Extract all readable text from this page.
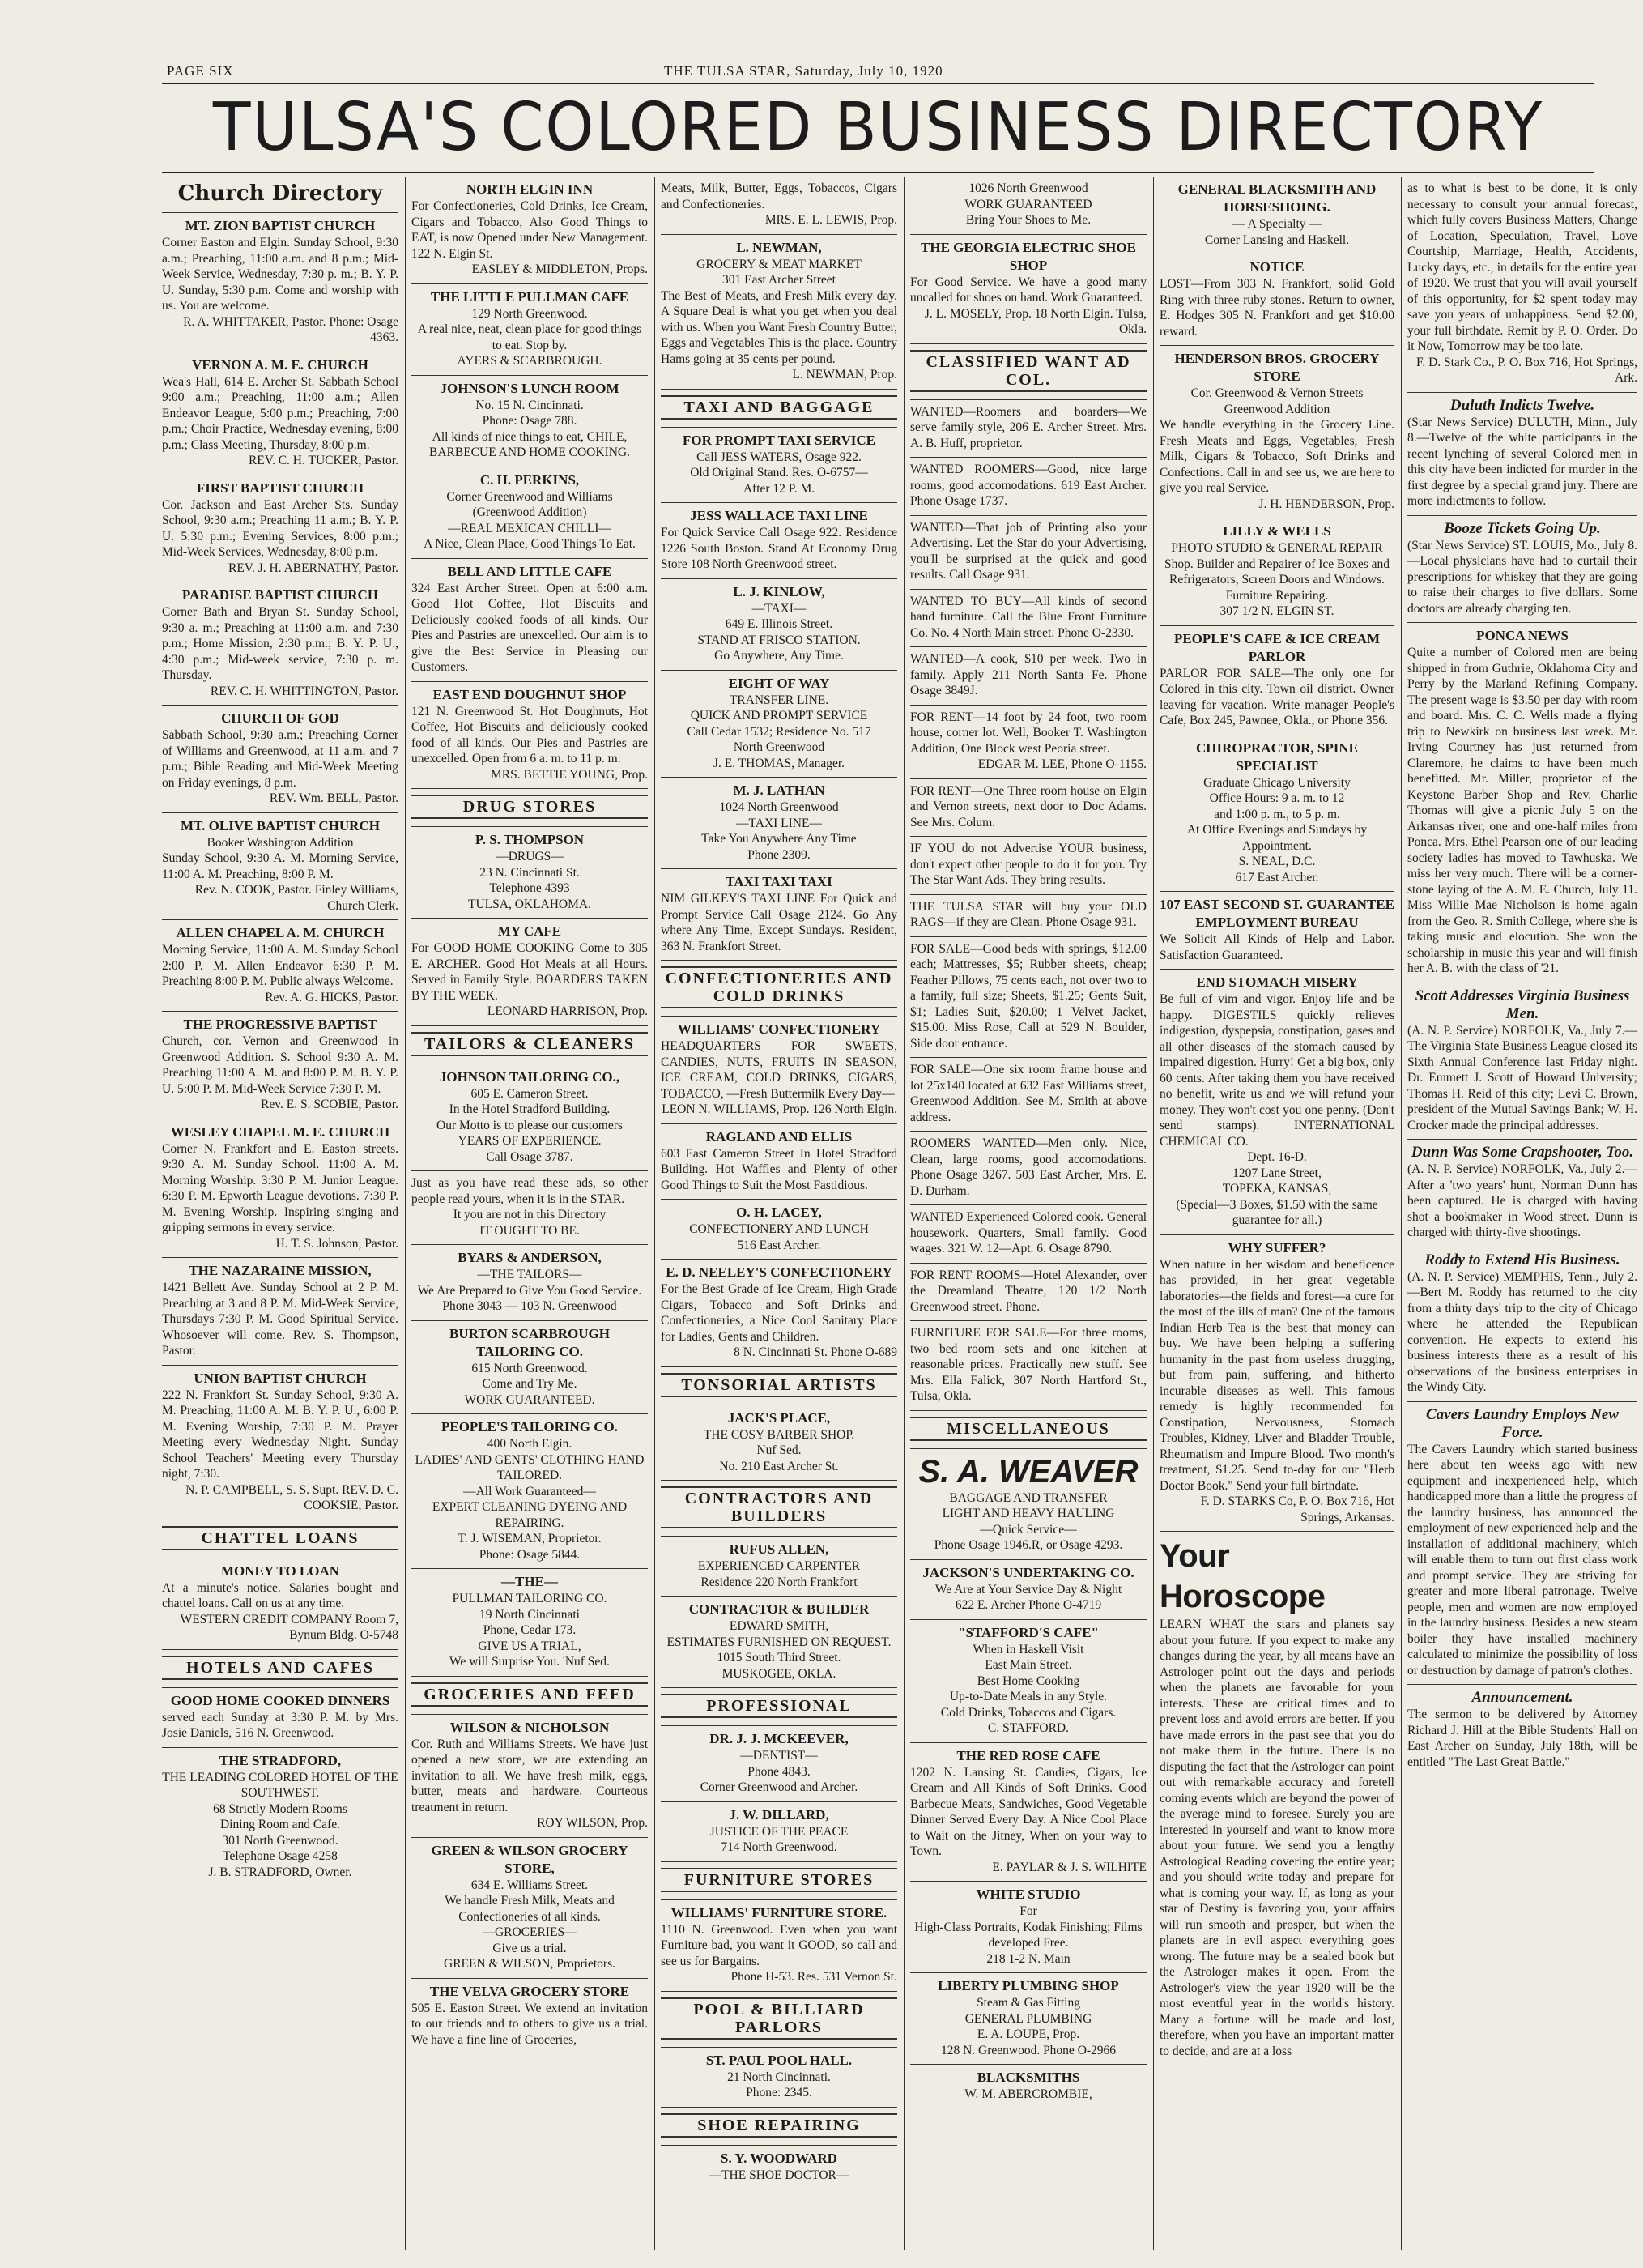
PAGE SIX	THE TULSA STAR, Saturday, July 10, 1920
TULSA'S COLORED BUSINESS DIRECTORY
Church Directory
MT. ZION BAPTIST CHURCH
Corner Easton and Elgin. Sunday School, 9:30 a.m.; Preaching, 11:00 a.m. and 8 p.m.; Mid-Week Service, Wednesday, 7:30 p. m.; B. Y. P. U. Sunday, 5:30 p.m. Come and worship with us. You are welcome.
R. A. WHITTAKER, Pastor. Phone: Osage 4363.
VERNON A. M. E. CHURCH
Wea's Hall, 614 E. Archer St. Sabbath School 9:00 a.m.; Preaching, 11:00 a.m.; Allen Endeavor League, 5:00 p.m.; Preaching, 7:00 p.m.; Choir Practice, Wednesday evening, 8:00 p.m.; Class Meeting, Thursday, 8:00 p.m.
REV. C. H. TUCKER, Pastor.
FIRST BAPTIST CHURCH
Cor. Jackson and East Archer Sts. Sunday School, 9:30 a.m.; Preaching 11 a.m.; B. Y. P. U. 5:30 p.m.; Evening Services, 8:00 p.m.; Mid-Week Services, Wednesday, 8:00 p.m.
REV. J. H. ABERNATHY, Pastor.
PARADISE BAPTIST CHURCH
Corner Bath and Bryan St. Sunday School, 9:30 a. m.; Preaching at 11:00 a.m. and 7:30 p.m.; Home Mission, 2:30 p.m.; B. Y. P. U., 4:30 p.m.; Mid-week service, 7:30 p. m. Thursday.
REV. C. H. WHITTINGTON, Pastor.
CHURCH OF GOD
Sabbath School, 9:30 a.m.; Preaching Corner of Williams and Greenwood, at 11 a.m. and 7 p.m.; Bible Reading and Mid-Week Meeting on Friday evenings, 8 p.m.
REV. Wm. BELL, Pastor.
MT. OLIVE BAPTIST CHURCH
Booker Washington Addition
Sunday School, 9:30 A. M. Morning Service, 11:00 A. M. Preaching, 8:00 P. M.
Rev. N. COOK, Pastor. Finley Williams, Church Clerk.
ALLEN CHAPEL A. M. CHURCH
Morning Service, 11:00 A. M. Sunday School 2:00 P. M. Allen Endeavor 6:30 P. M. Preaching 8:00 P. M. Public always Welcome.
Rev. A. G. HICKS, Pastor.
THE PROGRESSIVE BAPTIST
Church, cor. Vernon and Greenwood in Greenwood Addition. S. School 9:30 A. M. Preaching 11:00 A. M. and 8:00 P. M. B. Y. P. U. 5:00 P. M. Mid-Week Service 7:30 P. M.
Rev. E. S. SCOBIE, Pastor.
WESLEY CHAPEL M. E. CHURCH
Corner N. Frankfort and E. Easton streets. 9:30 A. M. Sunday School. 11:00 A. M. Morning Worship. 3:30 P. M. Junior League. 6:30 P. M. Epworth League devotions. 7:30 P. M. Evening Worship. Inspiring singing and gripping sermons in every service.
H. T. S. Johnson, Pastor.
THE NAZARAINE MISSION,
1421 Bellett Ave. Sunday School at 2 P. M. Preaching at 3 and 8 P. M. Mid-Week Service, Thursdays 7:30 P. M. Good Spiritual Service. Whosoever will come. Rev. S. Thompson, Pastor.
UNION BAPTIST CHURCH
222 N. Frankfort St. Sunday School, 9:30 A. M. Preaching, 11:00 A. M. B. Y. P. U., 6:00 P. M. Evening Worship, 7:30 P. M. Prayer Meeting every Wednesday Night. Sunday School Teachers' Meeting every Thursday night, 7:30.
N. P. CAMPBELL, S. S. Supt. REV. D. C. COOKSIE, Pastor.
CHATTEL LOANS
MONEY TO LOAN
At a minute's notice. Salaries bought and chattel loans. Call on us at any time.
WESTERN CREDIT COMPANY Room 7, Bynum Bldg. O-5748
HOTELS AND CAFES
GOOD HOME COOKED DINNERS
served each Sunday at 3:30 P. M. by Mrs. Josie Daniels, 516 N. Greenwood.
THE STRADFORD,
THE LEADING COLORED HOTEL OF THE SOUTHWEST.
68 Strictly Modern Rooms
Dining Room and Cafe.
301 North Greenwood.
Telephone Osage 4258
J. B. STRADFORD, Owner.
NORTH ELGIN INN
For Confectioneries, Cold Drinks, Ice Cream, Cigars and Tobacco, Also Good Things to EAT, is now Opened under New Management. 122 N. Elgin St.
EASLEY & MIDDLETON, Props.
THE LITTLE PULLMAN CAFE
129 North Greenwood.
A real nice, neat, clean place for good things to eat. Stop by.
AYERS & SCARBROUGH.
JOHNSON'S LUNCH ROOM
No. 15 N. Cincinnati.
Phone: Osage 788.
All kinds of nice things to eat, CHILE, BARBECUE AND HOME COOKING.
C. H. PERKINS,
Corner Greenwood and Williams
(Greenwood Addition)
—REAL MEXICAN CHILLI—
A Nice, Clean Place, Good Things To Eat.
BELL AND LITTLE CAFE
324 East Archer Street. Open at 6:00 a.m. Good Hot Coffee, Hot Biscuits and Deliciously cooked foods of all kinds. Our Pies and Pastries are unexcelled. Our aim is to give the Best Service in Pleasing our Customers.
EAST END DOUGHNUT SHOP
121 N. Greenwood St. Hot Doughnuts, Hot Coffee, Hot Biscuits and deliciously cooked food of all kinds. Our Pies and Pastries are unexcelled. Open from 6 a. m. to 11 p. m.
MRS. BETTIE YOUNG, Prop.
DRUG STORES
P. S. THOMPSON
—DRUGS—
23 N. Cincinnati St.
Telephone 4393
TULSA, OKLAHOMA.
MY CAFE
For GOOD HOME COOKING Come to 305 E. ARCHER. Good Hot Meals at all Hours. Served in Family Style. BOARDERS TAKEN BY THE WEEK.
LEONARD HARRISON, Prop.
TAILORS & CLEANERS
JOHNSON TAILORING CO.,
605 E. Cameron Street.
In the Hotel Stradford Building.
Our Motto is to please our customers
YEARS OF EXPERIENCE.
Call Osage 3787.
Just as you have read these ads, so other people read yours, when it is in the STAR.
It you are not in this Directory
IT OUGHT TO BE.
BYARS & ANDERSON,
—THE TAILORS—
We Are Prepared to Give You Good Service.
Phone 3043 — 103 N. Greenwood
BURTON SCARBROUGH TAILORING CO.
615 North Greenwood.
Come and Try Me.
WORK GUARANTEED.
PEOPLE'S TAILORING CO.
400 North Elgin.
LADIES' AND GENTS' CLOTHING HAND TAILORED.
—All Work Guaranteed—
EXPERT CLEANING DYEING AND REPAIRING.
T. J. WISEMAN, Proprietor.
Phone: Osage 5844.
—THE—
PULLMAN TAILORING CO.
19 North Cincinnati
Phone, Cedar 173.
GIVE US A TRIAL,
We will Surprise You. 'Nuf Sed.
GROCERIES AND FEED
WILSON & NICHOLSON
Cor. Ruth and Williams Streets. We have just opened a new store, we are extending an invitation to all. We have fresh milk, eggs, butter, meats and hardware. Courteous treatment in return.
ROY WILSON, Prop.
GREEN & WILSON GROCERY STORE,
634 E. Williams Street.
We handle Fresh Milk, Meats and Confectioneries of all kinds.
—GROCERIES—
Give us a trial.
GREEN & WILSON, Proprietors.
THE VELVA GROCERY STORE
505 E. Easton Street. We extend an invitation to our friends and to others to give us a trial. We have a fine line of Groceries,
Meats, Milk, Butter, Eggs, Tobaccos, Cigars and Confectioneries.
MRS. E. L. LEWIS, Prop.
L. NEWMAN,
GROCERY & MEAT MARKET
301 East Archer Street
The Best of Meats, and Fresh Milk every day. A Square Deal is what you get when you deal with us. When you Want Fresh Country Butter, Eggs and Vegetables This is the place. Country Hams going at 35 cents per pound.
L. NEWMAN, Prop.
TAXI AND BAGGAGE
FOR PROMPT TAXI SERVICE
Call JESS WATERS, Osage 922.
Old Original Stand. Res. O-6757—
After 12 P. M.
JESS WALLACE TAXI LINE
For Quick Service Call Osage 922. Residence 1226 South Boston. Stand At Economy Drug Store 108 North Greenwood street.
L. J. KINLOW,
—TAXI—
649 E. Illinois Street.
STAND AT FRISCO STATION.
Go Anywhere, Any Time.
EIGHT OF WAY
TRANSFER LINE.
QUICK AND PROMPT SERVICE
Call Cedar 1532; Residence No. 517
North Greenwood
J. E. THOMAS, Manager.
M. J. LATHAN
1024 North Greenwood
—TAXI LINE—
Take You Anywhere Any Time
Phone 2309.
TAXI TAXI TAXI
NIM GILKEY'S TAXI LINE For Quick and Prompt Service Call Osage 2124. Go Any where Any Time, Except Sundays. Resident, 363 N. Frankfort Street.
CONFECTIONERIES AND COLD DRINKS
WILLIAMS' CONFECTIONERY
HEADQUARTERS FOR SWEETS, CANDIES, NUTS, FRUITS IN SEASON, ICE CREAM, COLD DRINKS, CIGARS, TOBACCO, —Fresh Buttermilk Every Day—
LEON N. WILLIAMS, Prop. 126 North Elgin.
RAGLAND AND ELLIS
603 East Cameron Street In Hotel Stradford Building. Hot Waffles and Plenty of other Good Things to Suit the Most Fastidious.
O. H. LACEY,
CONFECTIONERY AND LUNCH
516 East Archer.
E. D. NEELEY'S CONFECTIONERY
For the Best Grade of Ice Cream, High Grade Cigars, Tobacco and Soft Drinks and Confectioneries, a Nice Cool Sanitary Place for Ladies, Gents and Children.
8 N. Cincinnati St. Phone O-689
TONSORIAL ARTISTS
JACK'S PLACE,
THE COSY BARBER SHOP.
Nuf Sed.
No. 210 East Archer St.
CONTRACTORS AND BUILDERS
RUFUS ALLEN,
EXPERIENCED CARPENTER
Residence 220 North Frankfort
CONTRACTOR & BUILDER
EDWARD SMITH,
ESTIMATES FURNISHED ON REQUEST.
1015 South Third Street.
MUSKOGEE, OKLA.
PROFESSIONAL
DR. J. J. MCKEEVER,
—DENTIST—
Phone 4843.
Corner Greenwood and Archer.
J. W. DILLARD,
JUSTICE OF THE PEACE
714 North Greenwood.
FURNITURE STORES
WILLIAMS' FURNITURE STORE.
1110 N. Greenwood. Even when you want Furniture bad, you want it GOOD, so call and see us for Bargains.
Phone H-53. Res. 531 Vernon St.
POOL & BILLIARD PARLORS
ST. PAUL POOL HALL.
21 North Cincinnati.
Phone: 2345.
SHOE REPAIRING
S. Y. WOODWARD
—THE SHOE DOCTOR—
1026 North Greenwood
WORK GUARANTEED
Bring Your Shoes to Me.
THE GEORGIA ELECTRIC SHOE SHOP
For Good Service. We have a good many uncalled for shoes on hand. Work Guaranteed.
J. L. MOSELY, Prop. 18 North Elgin. Tulsa, Okla.
CLASSIFIED WANT AD COL.
WANTED—Roomers and boarders—We serve family style, 206 E. Archer Street. Mrs. A. B. Huff, proprietor.
WANTED ROOMERS—Good, nice large rooms, good accomodations. 619 East Archer. Phone Osage 1737.
WANTED—That job of Printing also your Advertising. Let the Star do your Advertising, you'll be surprised at the quick and good results. Call Osage 931.
WANTED TO BUY—All kinds of second hand furniture. Call the Blue Front Furniture Co. No. 4 North Main street. Phone O-2330.
WANTED—A cook, $10 per week. Two in family. Apply 211 North Santa Fe. Phone Osage 3849J.
FOR RENT—14 foot by 24 foot, two room house, corner lot. Well, Booker T. Washington Addition, One Block west Peoria street.
EDGAR M. LEE, Phone O-1155.
FOR RENT—One Three room house on Elgin and Vernon streets, next door to Doc Adams. See Mrs. Colum.
IF YOU do not Advertise YOUR business, don't expect other people to do it for you. Try The Star Want Ads. They bring results.
THE TULSA STAR will buy your OLD RAGS—if they are Clean. Phone Osage 931.
FOR SALE—Good beds with springs, $12.00 each; Mattresses, $5; Rubber sheets, cheap; Feather Pillows, 75 cents each, not over two to a family, full size; Sheets, $1.25; Gents Suit, $1; Ladies Suit, $20.00; 1 Velvet Jacket, $15.00. Miss Rose, Call at 529 N. Boulder, Side door entrance.
FOR SALE—One six room frame house and lot 25x140 located at 632 East Williams street, Greenwood Addition. See M. Smith at above address.
ROOMERS WANTED—Men only. Nice, Clean, large rooms, good accomodations. Phone Osage 3267. 503 East Archer, Mrs. E. D. Durham.
WANTED Experienced Colored cook. General housework. Quarters, Small family. Good wages. 321 W. 12—Apt. 6. Osage 8790.
FOR RENT ROOMS—Hotel Alexander, over the Dreamland Theatre, 120 1/2 North Greenwood street. Phone.
FURNITURE FOR SALE—For three rooms, two bed room sets and one kitchen at reasonable prices. Practically new stuff. See Mrs. Ella Falick, 307 North Hartford St., Tulsa, Okla.
MISCELLANEOUS
S. A. WEAVER
BAGGAGE AND TRANSFER
LIGHT AND HEAVY HAULING
—Quick Service—
Phone Osage 1946.R, or Osage 4293.
JACKSON'S UNDERTAKING CO.
We Are at Your Service Day & Night
622 E. Archer Phone O-4719
"STAFFORD'S CAFE"
When in Haskell Visit
East Main Street.
Best Home Cooking
Up-to-Date Meals in any Style.
Cold Drinks, Tobaccos and Cigars.
C. STAFFORD.
THE RED ROSE CAFE
1202 N. Lansing St. Candies, Cigars, Ice Cream and All Kinds of Soft Drinks. Good Barbecue Meats, Sandwiches, Good Vegetable Dinner Served Every Day. A Nice Cool Place to Wait on the Jitney, When on your way to Town.
E. PAYLAR & J. S. WILHITE
WHITE STUDIO
For
High-Class Portraits, Kodak Finishing; Films developed Free.
218 1-2 N. Main
LIBERTY PLUMBING SHOP
Steam & Gas Fitting
GENERAL PLUMBING
E. A. LOUPE, Prop.
128 N. Greenwood. Phone O-2966
BLACKSMITHS
W. M. ABERCROMBIE,
GENERAL BLACKSMITH AND HORSESHOING.
— A Specialty —
Corner Lansing and Haskell.
NOTICE
LOST—From 303 N. Frankfort, solid Gold Ring with three ruby stones. Return to owner, E. Hodges 305 N. Frankfort and get $10.00 reward.
HENDERSON BROS. GROCERY STORE
Cor. Greenwood & Vernon Streets
Greenwood Addition
We handle everything in the Grocery Line. Fresh Meats and Eggs, Vegetables, Fresh Milk, Cigars & Tobacco, Soft Drinks and Confections. Call in and see us, we are here to give you real Service.
J. H. HENDERSON, Prop.
LILLY & WELLS
PHOTO STUDIO & GENERAL REPAIR Shop. Builder and Repairer of Ice Boxes and Refrigerators, Screen Doors and Windows. Furniture Repairing.
307 1/2 N. ELGIN ST.
PEOPLE'S CAFE & ICE CREAM PARLOR
PARLOR FOR SALE—The only one for Colored in this city. Town oil district. Owner leaving for vacation. Write manager People's Cafe, Box 245, Pawnee, Okla., or Phone 356.
CHIROPRACTOR, SPINE SPECIALIST
Graduate Chicago University
Office Hours: 9 a. m. to 12
and 1:00 p. m., to 5 p. m.
At Office Evenings and Sundays by Appointment.
S. NEAL, D.C.
617 East Archer.
107 EAST SECOND ST. GUARANTEE EMPLOYMENT BUREAU
We Solicit All Kinds of Help and Labor. Satisfaction Guaranteed.
END STOMACH MISERY
Be full of vim and vigor. Enjoy life and be happy. DIGESTILS quickly relieves indigestion, dyspepsia, constipation, gases and all other diseases of the stomach caused by impaired digestion. Hurry! Get a big box, only 60 cents. After taking them you have received no benefit, write us and we will refund your money. They won't cost you one penny. (Don't send stamps). INTERNATIONAL CHEMICAL CO.
Dept. 16-D.
1207 Lane Street,
TOPEKA, KANSAS,
(Special—3 Boxes, $1.50 with the same guarantee for all.)
WHY SUFFER?
When nature in her wisdom and beneficence has provided, in her great vegetable laboratories—the fields and forest—a cure for the most of the ills of man? One of the famous Indian Herb Tea is the best that money can buy. We have been helping a suffering humanity in the past from useless drugging, but from pain, suffering, and hitherto incurable diseases as well. This famous remedy is highly recommended for Constipation, Nervousness, Stomach Troubles, Kidney, Liver and Bladder Trouble, Rheumatism and Impure Blood. Two month's treatment, $1.25. Send to-day for our "Herb Doctor Book." Send your full birthdate.
F. D. STARKS Co, P. O. Box 716, Hot Springs, Arkansas.
Your Horoscope
LEARN WHAT the stars and planets say about your future. If you expect to make any changes during the year, by all means have an Astrologer point out the days and periods when the planets are favorable for your interests. These are critical times and to prevent loss and avoid errors are better. If you have made errors in the past see that you do not make them in the future. There is no disputing the fact that the Astrologer can point out with remarkable accuracy and foretell coming events which are beyond the power of the average mind to foresee. Surely you are interested in yourself and want to know more about your future. We send you a lengthy Astrological Reading covering the entire year; and you should write today and prepare for what is coming your way. If, as long as your star of Destiny is favoring you, your affairs will run smooth and prosper, but when the planets are in evil aspect everything goes wrong. The future may be a sealed book but the Astrologer makes it open. From the Astrologer's view the year 1920 will be the most eventful year in the world's history. Many a fortune will be made and lost, therefore, when you have an important matter to decide, and are at a loss
as to what is best to be done, it is only necessary to consult your annual forecast, which fully covers Business Matters, Change of Location, Speculation, Travel, Love Courtship, Marriage, Health, Accidents, Lucky days, etc., in details for the entire year of 1920. We trust that you will avail yourself of this opportunity, for $2 spent today may save you years of unhappiness. Send $2.00, your full birthdate. Remit by P. O. Order. Do it Now, Tomorrow may be too late.
F. D. Stark Co., P. O. Box 716, Hot Springs, Ark.
Duluth Indicts Twelve.
(Star News Service) DULUTH, Minn., July 8.—Twelve of the white participants in the recent lynching of several Colored men in this city have been indicted for murder in the first degree by a special grand jury. There are more indictments to follow.
Booze Tickets Going Up.
(Star News Service) ST. LOUIS, Mo., July 8.—Local physicians have had to curtail their prescriptions for whiskey that they are going to raise their charges to five dollars. Some doctors are already charging ten.
PONCA NEWS
Quite a number of Colored men are being shipped in from Guthrie, Oklahoma City and Perry by the Marland Refining Company. The present wage is $3.50 per day with room and board. Mrs. C. C. Wells made a flying trip to Newkirk on business last week. Mr. Irving Courtney has just returned from Claremore, he claims to have been much benefitted. Mr. Miller, proprietor of the Keystone Barber Shop and Rev. Charlie Thomas will give a picnic July 5 on the Arkansas river, one and one-half miles from Ponca. Mrs. Ethel Pearson one of our leading society ladies has moved to Tawhuska. We miss her very much. There will be a corner-stone laying of the A. M. E. Church, July 11. Miss Willie Mae Nicholson is home again from the Geo. R. Smith College, where she is taking music and elocution. She won the scholarship in music this year and will finish her A. B. with the class of '21.
Scott Addresses Virginia Business Men.
(A. N. P. Service) NORFOLK, Va., July 7.—The Virginia State Business League closed its Sixth Annual Conference last Friday night. Dr. Emmett J. Scott of Howard University; Thomas H. Reid of this city; Levi C. Brown, president of the Mutual Savings Bank; W. H. Crocker made the principal addresses.
Dunn Was Some Crapshooter, Too.
(A. N. P. Service) NORFOLK, Va., July 2.—After a 'two years' hunt, Norman Dunn has been captured. He is charged with having shot a bookmaker in Wood street. Dunn is charged with thirty-five shootings.
Roddy to Extend His Business.
(A. N. P. Service) MEMPHIS, Tenn., July 2.—Bert M. Roddy has returned to the city from a thirty days' trip to the city of Chicago where he attended the Republican convention. He expects to extend his business interests there as a result of his observations of the business enterprises in the Windy City.
Cavers Laundry Employs New Force.
The Cavers Laundry which started business here about ten weeks ago with new equipment and inexperienced help, which handicapped more than a little the progress of the laundry business, has announced the employment of new experienced help and the installation of additional machinery, which will enable them to turn out first class work and prompt service. They are striving for greater and more liberal patronage. Twelve people, men and women are now employed in the laundry business. Besides a new steam boiler they have installed machinery calculated to minimize the possibility of loss or destruction by damage of patron's clothes.
Announcement.
The sermon to be delivered by Attorney Richard J. Hill at the Bible Students' Hall on East Archer on Sunday, July 18th, will be entitled "The Last Great Battle."
